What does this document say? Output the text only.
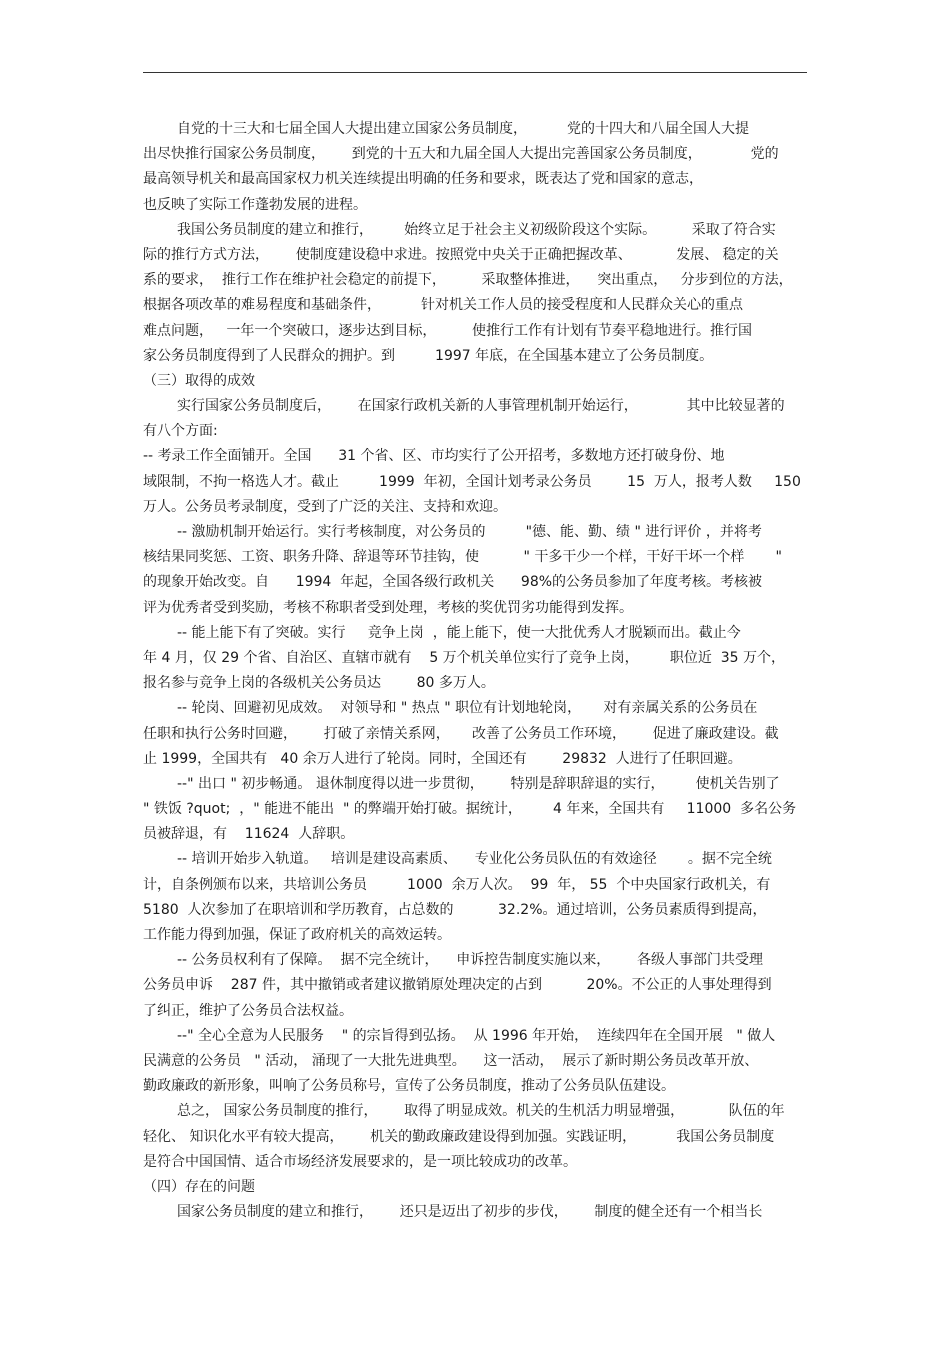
自党的十三大和七届全国人大提出建立国家公务员制度，         党的十四大和八届全国人大提
出尽快推行国家公务员制度，      到党的十五大和九届全国人大提出完善国家公务员制度，           党的
最高领导机关和最高国家权力机关连续提出明确的任务和要求，既表达了党和国家的意志，
也反映了实际工作蓬勃发展的进程。
我国公务员制度的建立和推行，       始终立足于社会主义初级阶段这个实际。        采取了符合实
际的推行方式方法，      使制度建设稳中求进。按照党中央关于正确把握改革、          发展、 稳定的关
系的要求，  推行工作在维护社会稳定的前提下，        采取整体推进，    突出重点，   分步到位的方法，
根据各项改革的难易程度和基础条件，         针对机关工作人员的接受程度和人民群众关心的重点
难点问题，   一年一个突破口，逐步达到目标，        使推行工作有计划有节奏平稳地进行。推行国
家公务员制度得到了人民群众的拥护。到         1997 年底，在全国基本建立了公务员制度。
（三）取得的成效
实行国家公务员制度后，      在国家行政机关新的人事管理机制开始运行，           其中比较显著的
有八个方面:
-- 考录工作全面铺开。全国      31 个省、区、市均实行了公开招考，多数地方还打破身份、地
域限制，不拘一格选人才。截止         1999  年初，全国计划考录公务员        15  万人，报考人数     150
万人。公务员考录制度，受到了广泛的关注、支持和欢迎。
-- 激励机制开始运行。实行考核制度，对公务员的         "德、能、勤、绩 " 进行评价 ，并将考
核结果同奖惩、工资、职务升降、辞退等环节挂钩，使          " 干多干少一个样，干好干坏一个样       "
的现象开始改变。自      1994  年起，全国各级行政机关      98%的公务员参加了年度考核。考核被
评为优秀者受到奖励，考核不称职者受到处理，考核的奖优罚劣功能得到发挥。
-- 能上能下有了突破。实行     竞争上岗  ，能上能下，使一大批优秀人才脱颖而出。截止今
年 4 月，仅 29 个省、自治区、直辖市就有    5 万个机关单位实行了竞争上岗，       职位近  35 万个，
报名参与竞争上岗的各级机关公务员达        80 多万人。
-- 轮岗、回避初见成效。  对领导和 " 热点 " 职位有计划地轮岗，     对有亲属关系的公务员在
任职和执行公务时回避，      打破了亲情关系网，     改善了公务员工作环境，      促进了廉政建设。截
止 1999，全国共有   40 余万人进行了轮岗。同时，全国还有        29832  人进行了任职回避。
--" 出口 " 初步畅通。 退休制度得以进一步贯彻，      特别是辞职辞退的实行，       使机关告别了
" 铁饭 ?quot;  ，" 能进不能出  " 的弊端开始打破。据统计，       4 年来，全国共有     11000  多名公务
员被辞退，有    11624  人辞职。
-- 培训开始步入轨道。   培训是建设高素质、    专业化公务员队伍的有效途径       。据不完全统
计，自条例颁布以来，共培训公务员         1000  余万人次。  99  年， 55  个中央国家行政机关，有
5180  人次参加了在职培训和学历教育，占总数的          32.2%。通过培训，公务员素质得到提高，
工作能力得到加强，保证了政府机关的高效运转。
-- 公务员权利有了保障。  据不完全统计，    申诉控告制度实施以来，      各级人事部门共受理
公务员申诉    287 件，其中撤销或者建议撤销原处理决定的占到          20%。不公正的人事处理得到
了纠正，维护了公务员合法权益。
--" 全心全意为人民服务    " 的宗旨得到弘扬。  从 1996 年开始，  连续四年在全国开展   " 做人
民满意的公务员   " 活动， 涌现了一大批先进典型。    这一活动，  展示了新时期公务员改革开放、
勤政廉政的新形象，叫响了公务员称号，宣传了公务员制度，推动了公务员队伍建设。
总之， 国家公务员制度的推行，      取得了明显成效。机关的生机活力明显增强，          队伍的年
轻化、 知识化水平有较大提高，      机关的勤政廉政建设得到加强。实践证明，         我国公务员制度
是符合中国国情、适合市场经济发展要求的，是一项比较成功的改革。
（四）存在的问题
国家公务员制度的建立和推行，      还只是迈出了初步的步伐，      制度的健全还有一个相当长
